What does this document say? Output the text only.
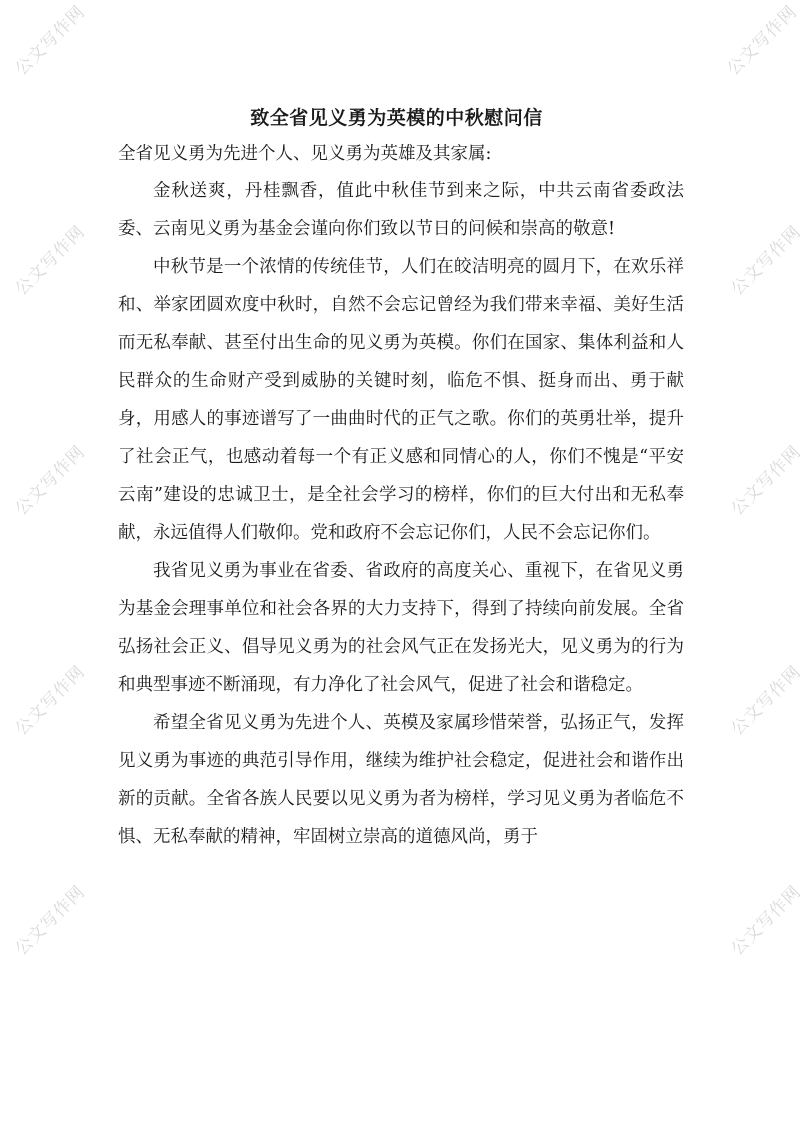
公文写作网	公文写作网
公文写作网	公文写作网
公文写作网	公文写作网
公文写作网	公文写作网
公文写作网	公文写作网
致全省见义勇为英模的中秋慰问信

全省见义勇为先进个人、见义勇为英雄及其家属:

金秋送爽，丹桂飘香，值此中秋佳节到来之际，中共云南省委政法委、云南见义勇为基金会谨向你们致以节日的问候和崇高的敬意!

中秋节是一个浓情的传统佳节，人们在皎洁明亮的圆月下，在欢乐祥和、举家团圆欢度中秋时，自然不会忘记曾经为我们带来幸福、美好生活而无私奉献、甚至付出生命的见义勇为英模。你们在国家、集体利益和人民群众的生命财产受到威胁的关键时刻，临危不惧、挺身而出、勇于献身，用感人的事迹谱写了一曲曲时代的正气之歌。你们的英勇壮举，提升了社会正气，也感动着每一个有正义感和同情心的人，你们不愧是“平安云南”建设的忠诚卫士，是全社会学习的榜样，你们的巨大付出和无私奉献，永远值得人们敬仰。党和政府不会忘记你们，人民不会忘记你们。

我省见义勇为事业在省委、省政府的高度关心、重视下，在省见义勇为基金会理事单位和社会各界的大力支持下，得到了持续向前发展。全省弘扬社会正义、倡导见义勇为的社会风气正在发扬光大，见义勇为的行为和典型事迹不断涌现，有力净化了社会风气，促进了社会和谐稳定。

希望全省见义勇为先进个人、英模及家属珍惜荣誉，弘扬正气，发挥见义勇为事迹的典范引导作用，继续为维护社会稳定，促进社会和谐作出新的贡献。全省各族人民要以见义勇为者为榜样，学习见义勇为者临危不惧、无私奉献的精神，牢固树立崇高的道德风尚，勇于
